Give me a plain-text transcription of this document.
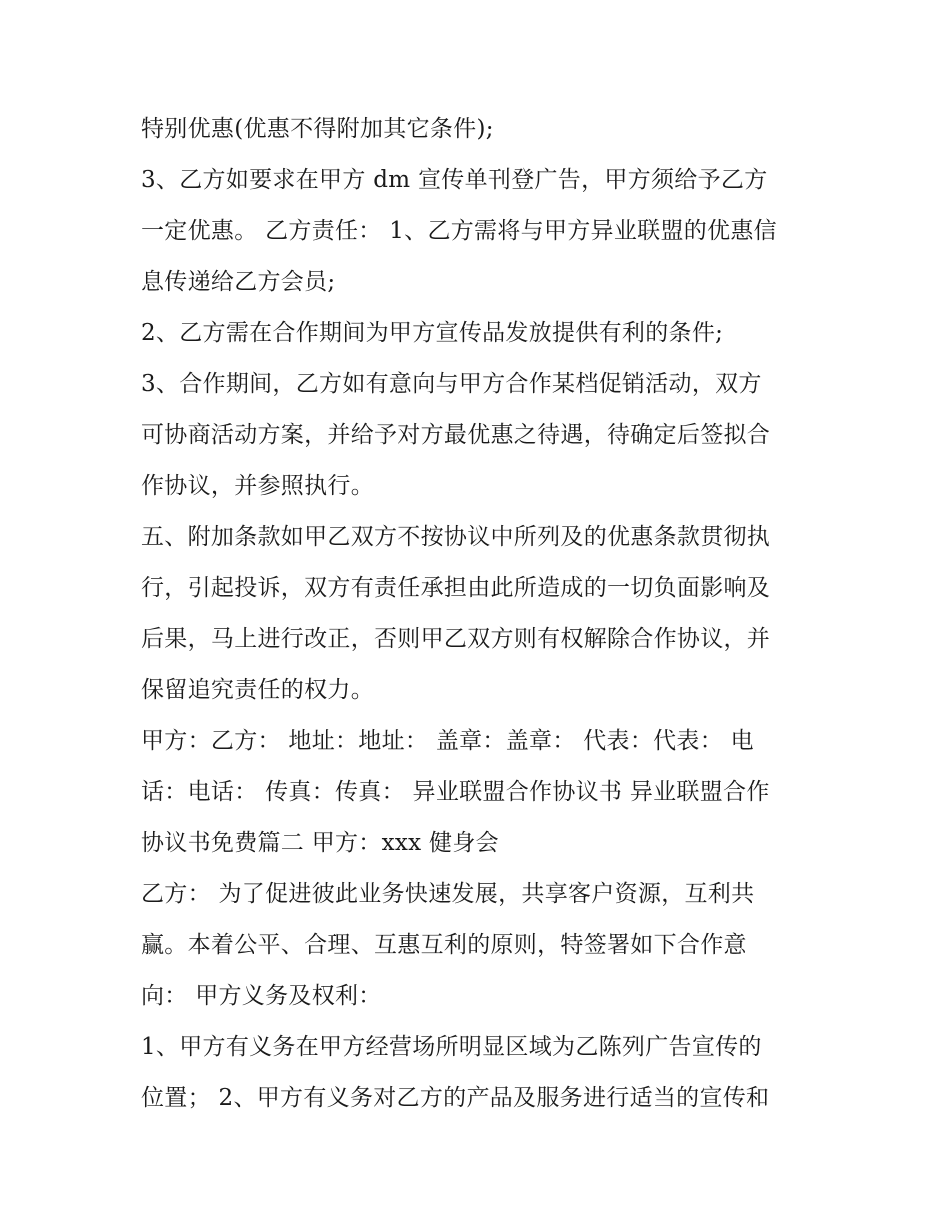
特别优惠(优惠不得附加其它条件);
3、乙方如要求在甲方 dm 宣传单刊登广告，甲方须给予乙方
一定优惠。 乙方责任： 1、乙方需将与甲方异业联盟的优惠信
息传递给乙方会员;
2、乙方需在合作期间为甲方宣传品发放提供有利的条件;
3、合作期间，乙方如有意向与甲方合作某档促销活动，双方
可协商活动方案，并给予对方最优惠之待遇，待确定后签拟合
作协议，并参照执行。
五、附加条款如甲乙双方不按协议中所列及的优惠条款贯彻执
行，引起投诉，双方有责任承担由此所造成的一切负面影响及
后果，马上进行改正，否则甲乙双方则有权解除合作协议，并
保留追究责任的权力。
甲方：乙方： 地址：地址： 盖章：盖章： 代表：代表： 电
话：电话： 传真：传真： 异业联盟合作协议书 异业联盟合作
协议书免费篇二 甲方：xxx 健身会
乙方： 为了促进彼此业务快速发展，共享客户资源，互利共
赢。本着公平、合理、互惠互利的原则，特签署如下合作意
向： 甲方义务及权利：
1、甲方有义务在甲方经营场所明显区域为乙陈列广告宣传的
位置； 2、甲方有义务对乙方的产品及服务进行适当的宣传和
